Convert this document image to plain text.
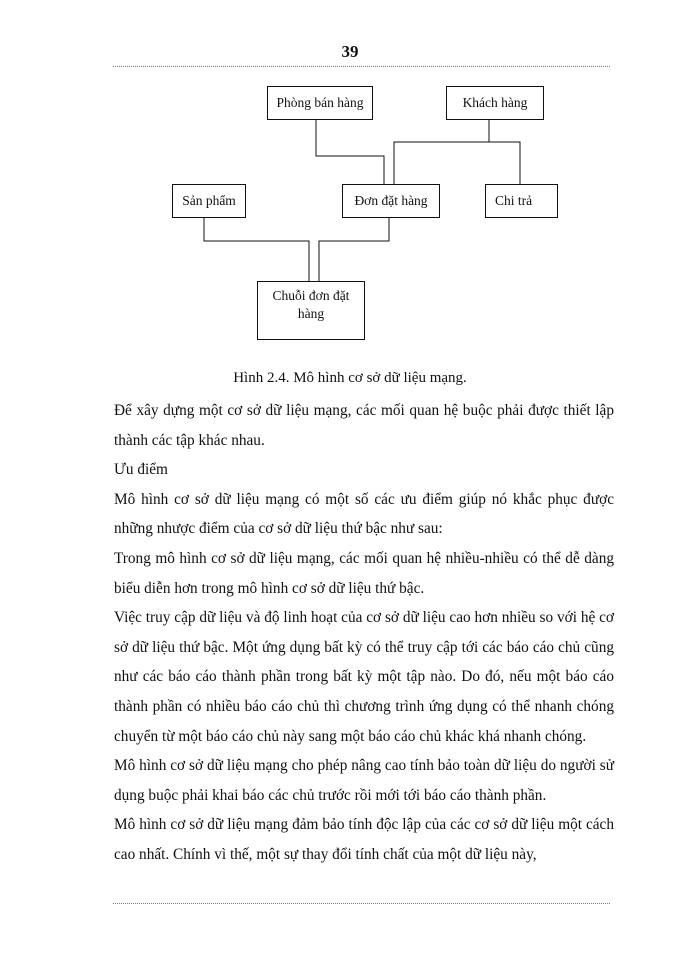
39
Phòng bán hàng	Khách hàng
Sản phẩm	Đơn đặt hàng	Chi trả
Chuỗi đơn đặt hàng
Hình 2.4. Mô hình cơ sở dữ liệu mạng.

Để xây dựng một cơ sở dữ liệu mạng, các mối quan hệ buộc phải được thiết lập thành các tập khác nhau.

Ưu điểm

Mô hình cơ sở dữ liệu mạng có một số các ưu điểm giúp nó khắc phục được những nhược điểm của cơ sở dữ liệu thứ bậc như sau:

Trong mô hình cơ sở dữ liệu mạng, các mối quan hệ nhiều-nhiều có thể dễ dàng biểu diễn hơn trong mô hình cơ sở dữ liệu thứ bậc.

Việc truy cập dữ liệu và độ linh hoạt của cơ sở dữ liệu cao hơn nhiều so với hệ cơ sở dữ liệu thứ bậc. Một ứng dụng bất kỳ có thể truy cập tới các báo cáo chủ cũng như các báo cáo thành phần trong bất kỳ một tập nào. Do đó, nếu một báo cáo thành phần có nhiều báo cáo chủ thì chương trình ứng dụng có thể nhanh chóng chuyển từ một báo cáo chủ này sang một báo cáo chủ khác khá nhanh chóng.

Mô hình cơ sở dữ liệu mạng cho phép nâng cao tính bảo toàn dữ liệu do người sử dụng buộc phải khai báo các chủ trước rồi mới tới báo cáo thành phần.

Mô hình cơ sở dữ liệu mạng đảm bảo tính độc lập của các cơ sở dữ liệu một cách cao nhất. Chính vì thế, một sự thay đổi tính chất của một dữ liệu này,
